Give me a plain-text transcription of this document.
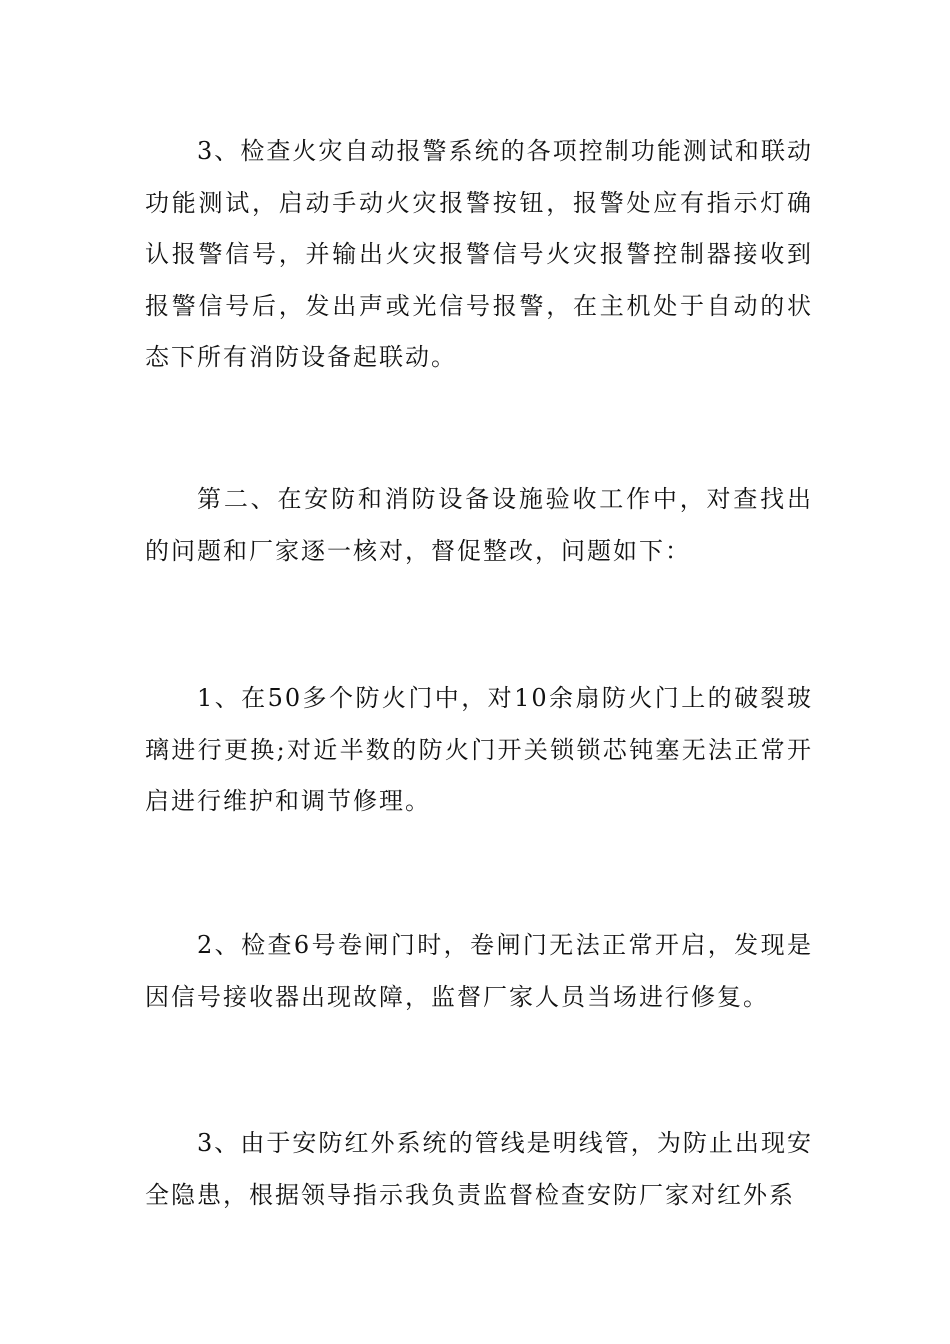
3、检查火灾自动报警系统的各项控制功能测试和联动功能测试，启动手动火灾报警按钮，报警处应有指示灯确认报警信号，并输出火灾报警信号火灾报警控制器接收到报警信号后，发出声或光信号报警，在主机处于自动的状态下所有消防设备起联动。

第二、在安防和消防设备设施验收工作中，对查找出的问题和厂家逐一核对，督促整改，问题如下：

1、在50多个防火门中，对10余扇防火门上的破裂玻璃进行更换;对近半数的防火门开关锁锁芯钝塞无法正常开启进行维护和调节修理。

2、检查6号卷闸门时，卷闸门无法正常开启，发现是因信号接收器出现故障，监督厂家人员当场进行修复。

3、由于安防红外系统的管线是明线管，为防止出现安全隐患，根据领导指示我负责监督检查安防厂家对红外系
